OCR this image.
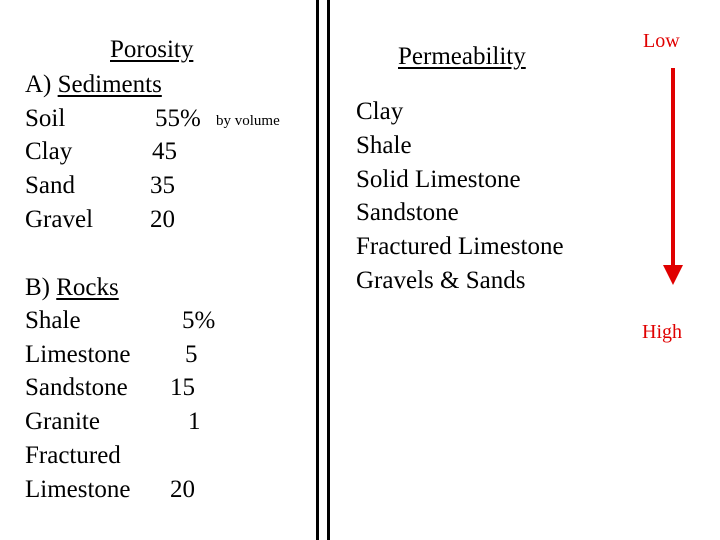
Porosity
A) Sediments
Soil	55% by volume
Clay	45
Sand	35
Gravel 20
B) Rocks
Shale	5%
Limestone 5
Sandstone 15
Granite	1
Fractured
Limestone 20
Permeability
Clay
Shale
Solid Limestone
Sandstone
Fractured Limestone
Gravels & Sands
Low
High
